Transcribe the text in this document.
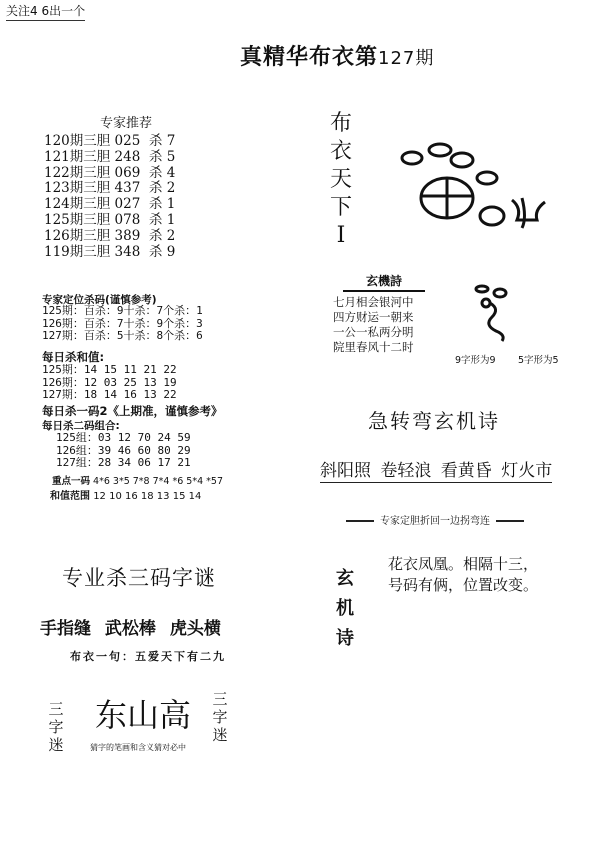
关注4 6出一个
真精华布衣第127期
专家推荐
120期三胆 025  杀 7
121期三胆 248  杀 5
122期三胆 069  杀 4
123期三胆 437  杀 2
124期三胆 027  杀 1
125期三胆 078  杀 1
126期三胆 389  杀 2
119期三胆 348  杀 9
专家定位杀码(谨慎参考)
125期：百杀：9十杀：7个杀：1
126期：百杀：7十杀：9个杀：3
127期：百杀：5十杀：8个杀：6
每日杀和值:
125期：14 15 11 21 22
126期：12 03 25 13 19
127期：18 14 16 13 22
每日杀一码2《上期准，谨慎参考》
每日杀二码组合:
125组：03 12 70 24 59
126组：39 46 60 80 29
127组：28 34 06 17 21
重点一码 4*6 3*5 7*8 7*4 *6 5*4 *57
和值范围 12 10 16 18 13 15 14
专业杀三码字谜
手指缝 武松棒 虎头横
布衣一句：五爱天下有二九
三
字
迷
东山高 三
字
迷
猜字的笔画和含义猜对必中
布
衣
天
下
I
玄機詩
七月相会银河中
四方财运一朝来
一公一私两分明
院里春风十二时
9字形为9 5字形为5
急转弯玄机诗
斜阳照 卷轻浪 看黄昏 灯火市
专家定胆折回一边拐弯连
玄
机
诗
花衣凤凰。相隔十三，
号码有俩，位置改变。
